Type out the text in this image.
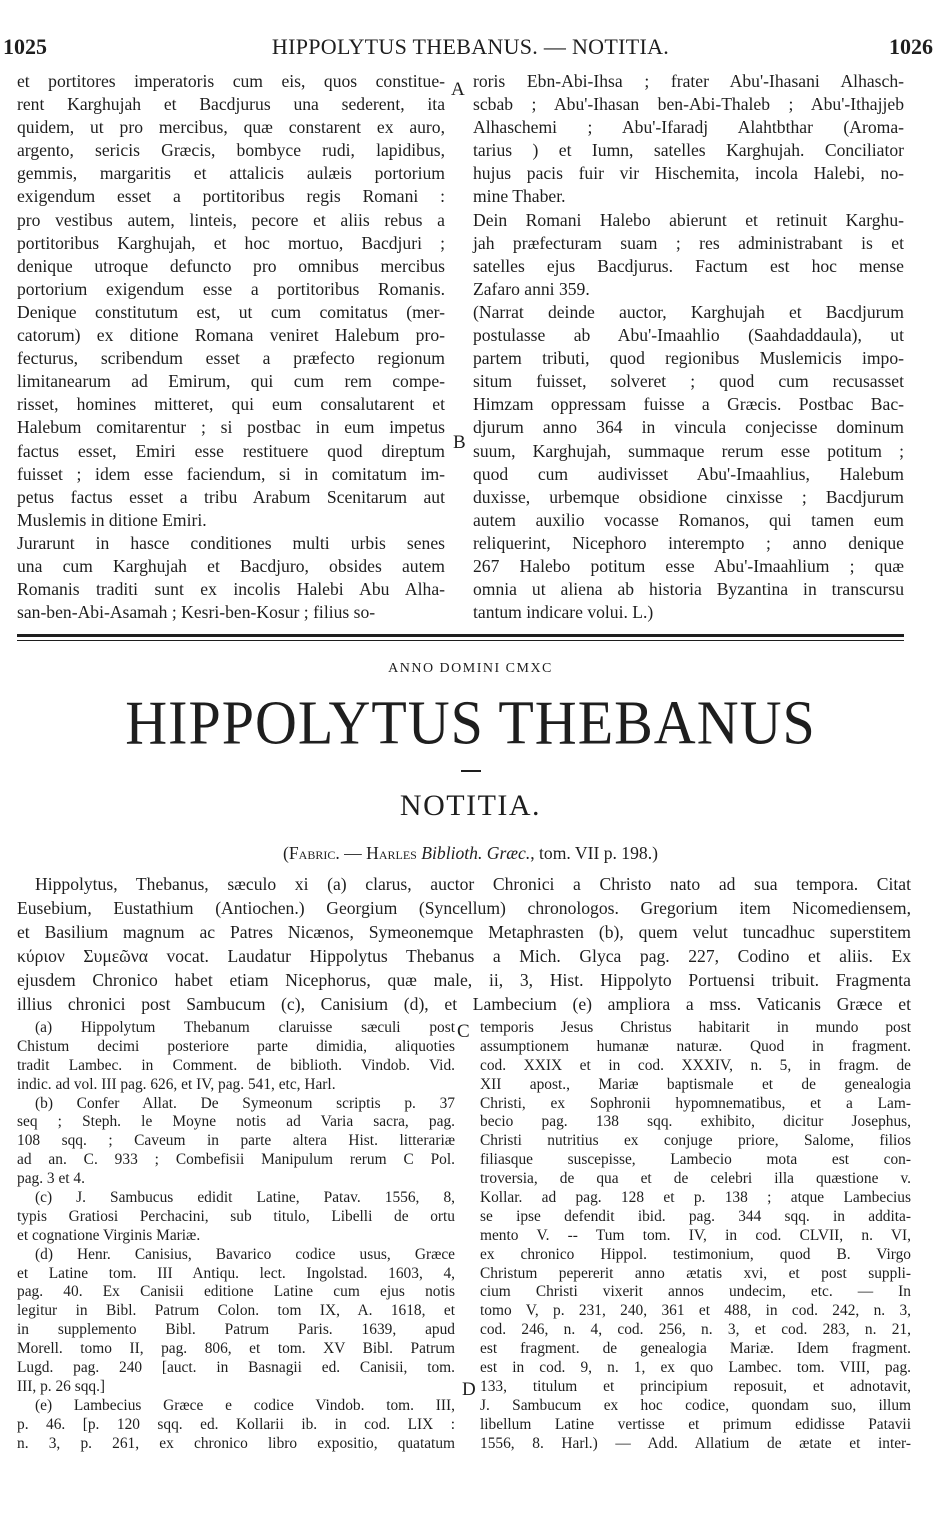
1025	HIPPOLYTUS THEBANUS. — NOTITIA.	1026
et portitores imperatoris cum eis, quos constitue-
rent Karghujah et Bacdjurus una sederent, ita
quidem, ut pro mercibus, quæ constarent ex auro,
argento, sericis Græcis, bombyce rudi, lapidibus,
gemmis, margaritis et attalicis aulæis portorium
exigendum esset a portitoribus regis Romani :
pro vestibus autem, linteis, pecore et aliis rebus a
portitoribus Karghujah, et hoc mortuo, Bacdjuri ;
denique utroque defuncto pro omnibus mercibus
portorium exigendum esse a portitoribus Romanis.
Denique constitutum est, ut cum comitatus (mer-
catorum) ex ditione Romana veniret Halebum pro-
fecturus, scribendum esset a præfecto regionum
limitanearum ad Emirum, qui cum rem compe-
risset, homines mitteret, qui eum consalutarent et
Halebum comitarentur ; si postbac in eum impetus
factus esset, Emiri esse restituere quod direptum
fuisset ; idem esse faciendum, si in comitatum im-
petus factus esset a tribu Arabum Scenitarum aut
Muslemis in ditione Emiri.
Jurarunt in hasce conditiones multi urbis senes
una cum Karghujah et Bacdjuro, obsides autem
Romanis traditi sunt ex incolis Halebi Abu Alha-
san-ben-Abi-Asamah ; Kesri-ben-Kosur ; filius so-
roris Ebn-Abi-Ihsa ; frater Abu'-Ihasani Alhasch-
scbab ; Abu'-Ihasan ben-Abi-Thaleb ; Abu'-Ithajjeb
Alhaschemi ; Abu'-Ifaradj Alahtbthar (Aroma-
tarius ) et Iumn, satelles Karghujah. Conciliator
hujus pacis fuir vir Hischemita, incola Halebi, no-
mine Thaber.
Dein Romani Halebo abierunt et retinuit Karghu-
jah præfecturam suam ; res administrabant is et
satelles ejus Bacdjurus. Factum est hoc mense
Zafaro anni 359.
(Narrat deinde auctor, Karghujah et Bacdjurum
postulasse ab Abu'-Imaahlio (Saahdaddaula), ut
partem tributi, quod regionibus Muslemicis impo-
situm fuisset, solveret ; quod cum recusasset
Himzam oppressam fuisse a Græcis. Postbac Bac-
djurum anno 364 in vincula conjecisse dominum
suum, Karghujah, summaque rerum esse potitum ;
quod cum audivisset Abu'-Imaahlius, Halebum
duxisse, urbemque obsidione cinxisse ; Bacdjurum
autem auxilio vocasse Romanos, qui tamen eum
reliquerint, Nicephoro interempto ; anno denique
267 Halebo potitum esse Abu'-Imaahlium ; quæ
omnia ut aliena ab historia Byzantina in transcursu
tantum indicare volui. L.)
A
B
C
D
ANNO DOMINI CMXC
HIPPOLYTUS THEBANUS
NOTITIA.
(Fabric. — Harles Biblioth. Græc., tom. VII p. 198.)
Hippolytus, Thebanus, sæculo xi (a) clarus, auctor Chronici a Christo nato ad sua tempora. Citat
Eusebium, Eustathium (Antiochen.) Georgium (Syncellum) chronologos. Gregorium item Nicomediensem,
et Basilium magnum ac Patres Nicænos, Symeonemque Metaphrasten (b), quem velut tuncadhuc superstitem
κύριον Συμεῶνα vocat. Laudatur Hippolytus Thebanus a Mich. Glyca pag. 227, Codino et aliis. Ex
ejusdem Chronico habet etiam Nicephorus, quæ male, ii, 3, Hist. Hippolyto Portuensi tribuit. Fragmenta
illius chronici post Sambucum (c), Canisium (d), et Lambecium (e) ampliora a mss. Vaticanis Græce et
(a) Hippolytum Thebanum claruisse sæculi post
Chistum decimi posteriore parte dimidia, aliquoties
tradit Lambec. in Comment. de biblioth. Vindob. Vid.
indic. ad vol. III pag. 626, et IV, pag. 541, etc, Harl.
(b) Confer Allat. De Symeonum scriptis p. 37
seq ; Steph. le Moyne notis ad Varia sacra, pag.
108 sqq. ; Caveum in parte altera Hist. litterariæ
ad an. C. 933 ; Combefisii Manipulum rerum C Pol.
pag. 3 et 4.
(c) J. Sambucus edidit Latine, Patav. 1556, 8,
typis Gratiosi Perchacini, sub titulo, Libelli de ortu
et cognatione Virginis Mariæ.
(d) Henr. Canisius, Bavarico codice usus, Græce
et Latine tom. III Antiqu. lect. Ingolstad. 1603, 4,
pag. 40. Ex Canisii editione Latine cum ejus notis
legitur in Bibl. Patrum Colon. tom IX, A. 1618, et
in supplemento Bibl. Patrum Paris. 1639, apud
Morell. tomo II, pag. 806, et tom. XV Bibl. Patrum
Lugd. pag. 240 [auct. in Basnagii ed. Canisii, tom.
III, p. 26 sqq.]
(e) Lambecius Græce e codice Vindob. tom. III,
p. 46. [p. 120 sqq. ed. Kollarii ib. in cod. LIX :
n. 3, p. 261, ex chronico libro expositio, quatatum
temporis Jesus Christus habitarit in mundo post
assumptionem humanæ naturæ. Quod in fragment.
cod. XXIX et in cod. XXXIV, n. 5, in fragm. de
XII apost., Mariæ baptismale et de genealogia
Christi, ex Sophronii hypomnematibus, et a Lam-
becio pag. 138 sqq. exhibito, dicitur Josephus,
Christi nutritius ex conjuge priore, Salome, filios
filiasque suscepisse, Lambecio mota est con-
troversia, de qua et de celebri illa quæstione v.
Kollar. ad pag. 128 et p. 138 ; atque Lambecius
se ipse defendit ibid. pag. 344 sqq. in additа-
mento V. -- Tum tom. IV, in cod. CLVII, n. VI,
ex chronico Hippol. testimonium, quod B. Virgo
Christum pepererit anno ætatis xvi, et post suppli-
cium Christi vixerit annos undecim, etc. — In
tomo V, p. 231, 240, 361 et 488, in cod. 242, n. 3,
cod. 246, n. 4, cod. 256, n. 3, et cod. 283, n. 21,
est fragment. de genealogia Mariæ. Idem fragment.
est in cod. 9, n. 1, ex quo Lambec. tom. VIII, pag.
133, titulum et principium reposuit, et adnotavit,
J. Sambucum ex hoc codice, quondam suo, illum
libellum Latine vertisse et primum edidisse Patavii
1556, 8. Harl.) — Add. Allatium de ætate et inter-
